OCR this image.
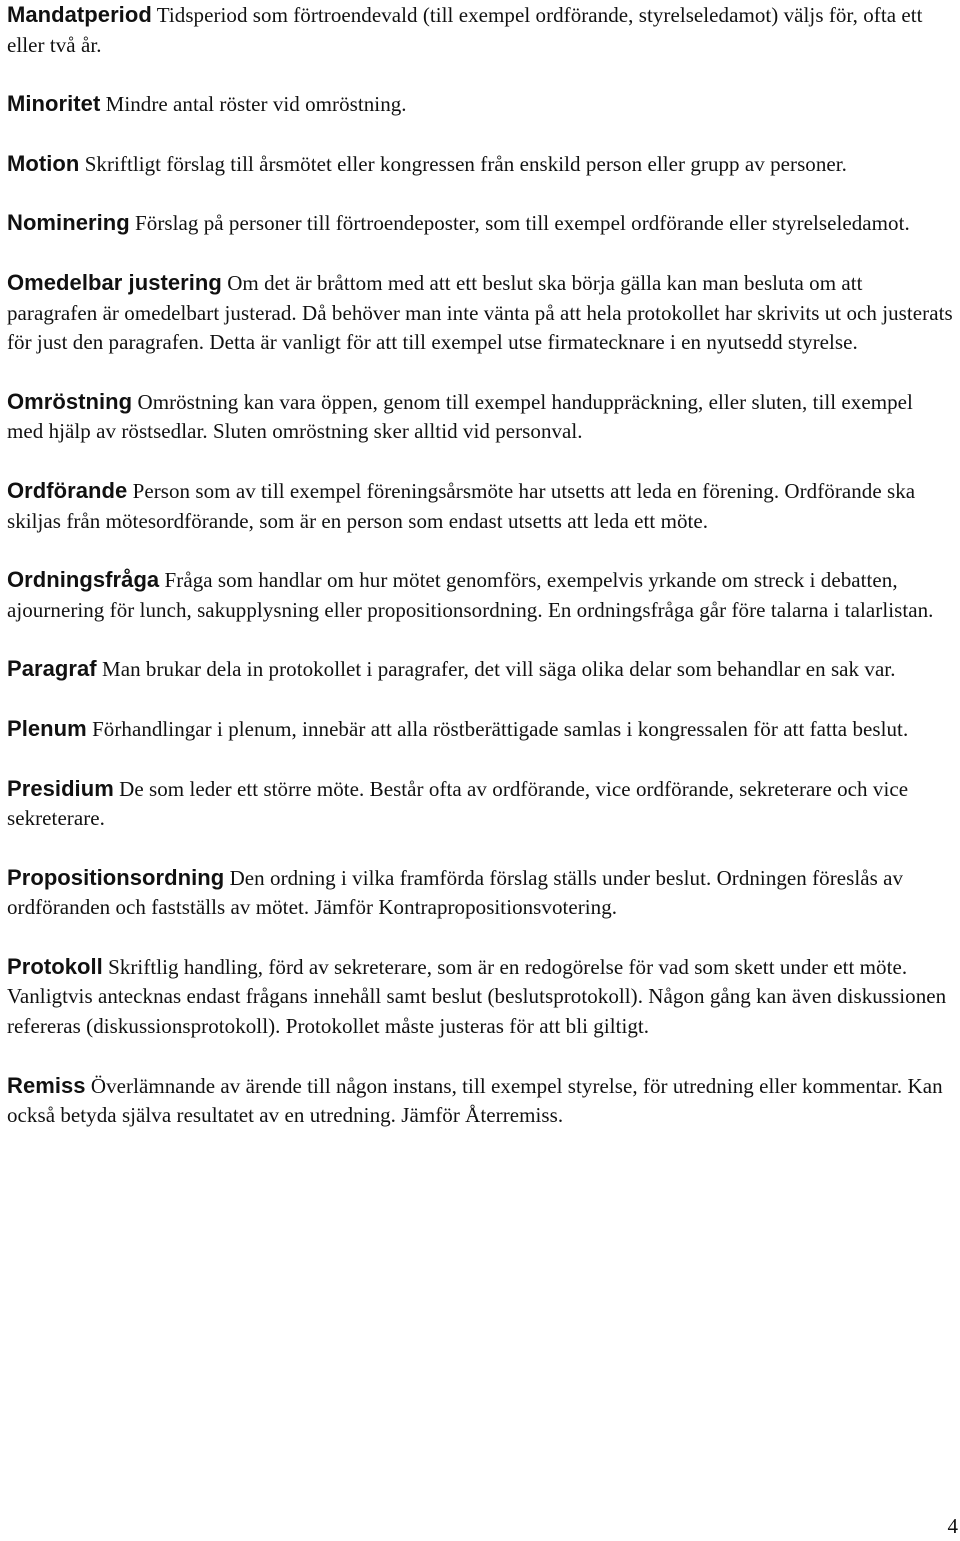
Mandatperiod Tidsperiod som förtroendevald (till exempel ordförande, styrelseledamot) väljs för, ofta ett eller två år.

Minoritet Mindre antal röster vid omröstning.

Motion Skriftligt förslag till årsmötet eller kongressen från enskild person eller grupp av personer.

Nominering Förslag på personer till förtroendeposter, som till exempel ordförande eller styrelseledamot.

Omedelbar justering Om det är bråttom med att ett beslut ska börja gälla kan man besluta om att paragrafen är omedelbart justerad. Då behöver man inte vänta på att hela protokollet har skrivits ut och justerats för just den paragrafen. Detta är vanligt för att till exempel utse firmatecknare i en nyutsedd styrelse.

Omröstning Omröstning kan vara öppen, genom till exempel handuppräckning, eller sluten, till exempel med hjälp av röstsedlar. Sluten omröstning sker alltid vid personval.

Ordförande Person som av till exempel föreningsårsmöte har utsetts att leda en förening. Ordförande ska skiljas från mötesordförande, som är en person som endast utsetts att leda ett möte.

Ordningsfråga Fråga som handlar om hur mötet genomförs, exempelvis yrkande om streck i debatten, ajournering för lunch, sakupplysning eller propositionsordning. En ordningsfråga går före talarna i talarlistan.

Paragraf Man brukar dela in protokollet i paragrafer, det vill säga olika delar som behandlar en sak var.

Plenum Förhandlingar i plenum, innebär att alla röstberättigade samlas i kongressalen för att fatta beslut.

Presidium De som leder ett större möte. Består ofta av ordförande, vice ordförande, sekreterare och vice sekreterare.

Propositionsordning Den ordning i vilka framförda förslag ställs under beslut. Ordningen föreslås av ordföranden och fastställs av mötet. Jämför Kontrapropositionsvotering.

Protokoll Skriftlig handling, förd av sekreterare, som är en redogörelse för vad som skett under ett möte. Vanligtvis antecknas endast frågans innehåll samt beslut (beslutsprotokoll). Någon gång kan även diskussionen refereras (diskussionsprotokoll). Protokollet måste justeras för att bli giltigt.

Remiss Överlämnande av ärende till någon instans, till exempel styrelse, för utredning eller kommentar. Kan också betyda själva resultatet av en utredning. Jämför Återremiss.

4
